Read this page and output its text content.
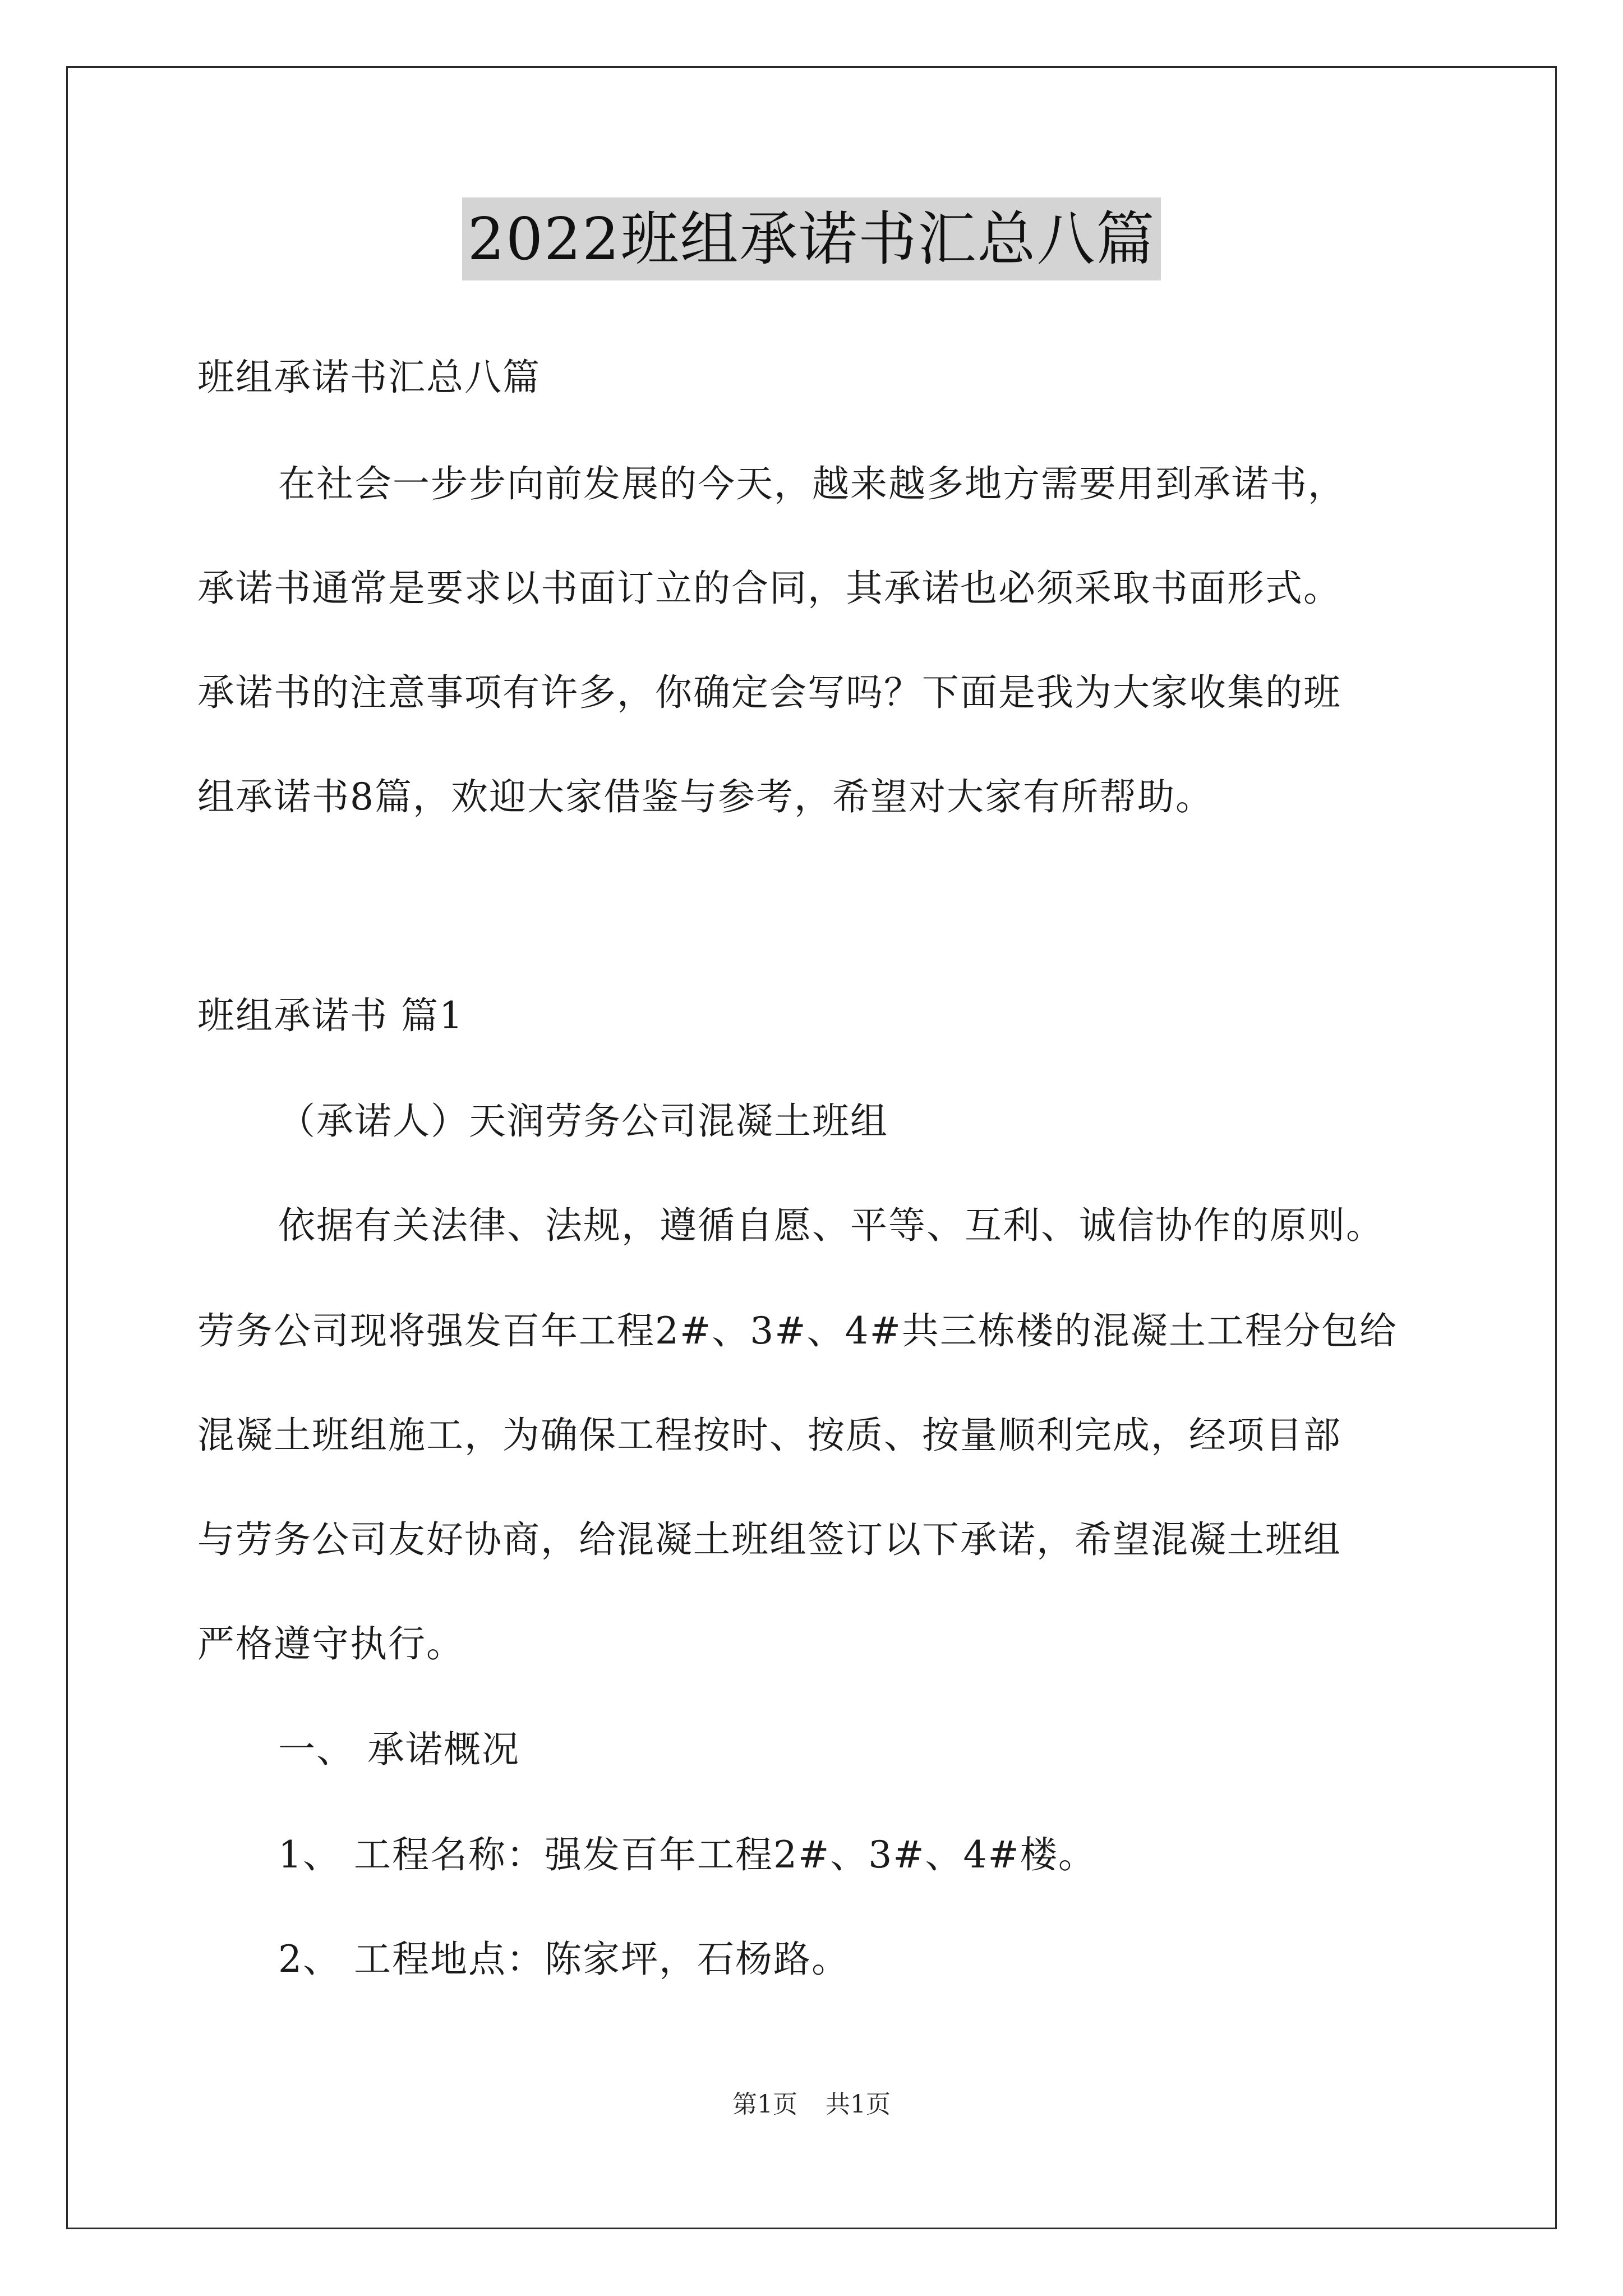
2022班组承诺书汇总八篇
班组承诺书汇总八篇
在社会一步步向前发展的今天，越来越多地方需要用到承诺书，
承诺书通常是要求以书面订立的合同，其承诺也必须采取书面形式。
承诺书的注意事项有许多，你确定会写吗？下面是我为大家收集的班
组承诺书8篇，欢迎大家借鉴与参考，希望对大家有所帮助。
班组承诺书 篇1
（承诺人）天润劳务公司混凝土班组
依据有关法律、法规，遵循自愿、平等、互利、诚信协作的原则。
劳务公司现将强发百年工程2#、3#、4#共三栋楼的混凝土工程分包给
混凝土班组施工，为确保工程按时、按质、按量顺利完成，经项目部
与劳务公司友好协商，给混凝土班组签订以下承诺，希望混凝土班组
严格遵守执行。
一、 承诺概况
1、 工程名称：强发百年工程2#、3#、4#楼。
2、 工程地点：陈家坪，石杨路。
第1页 共1页
